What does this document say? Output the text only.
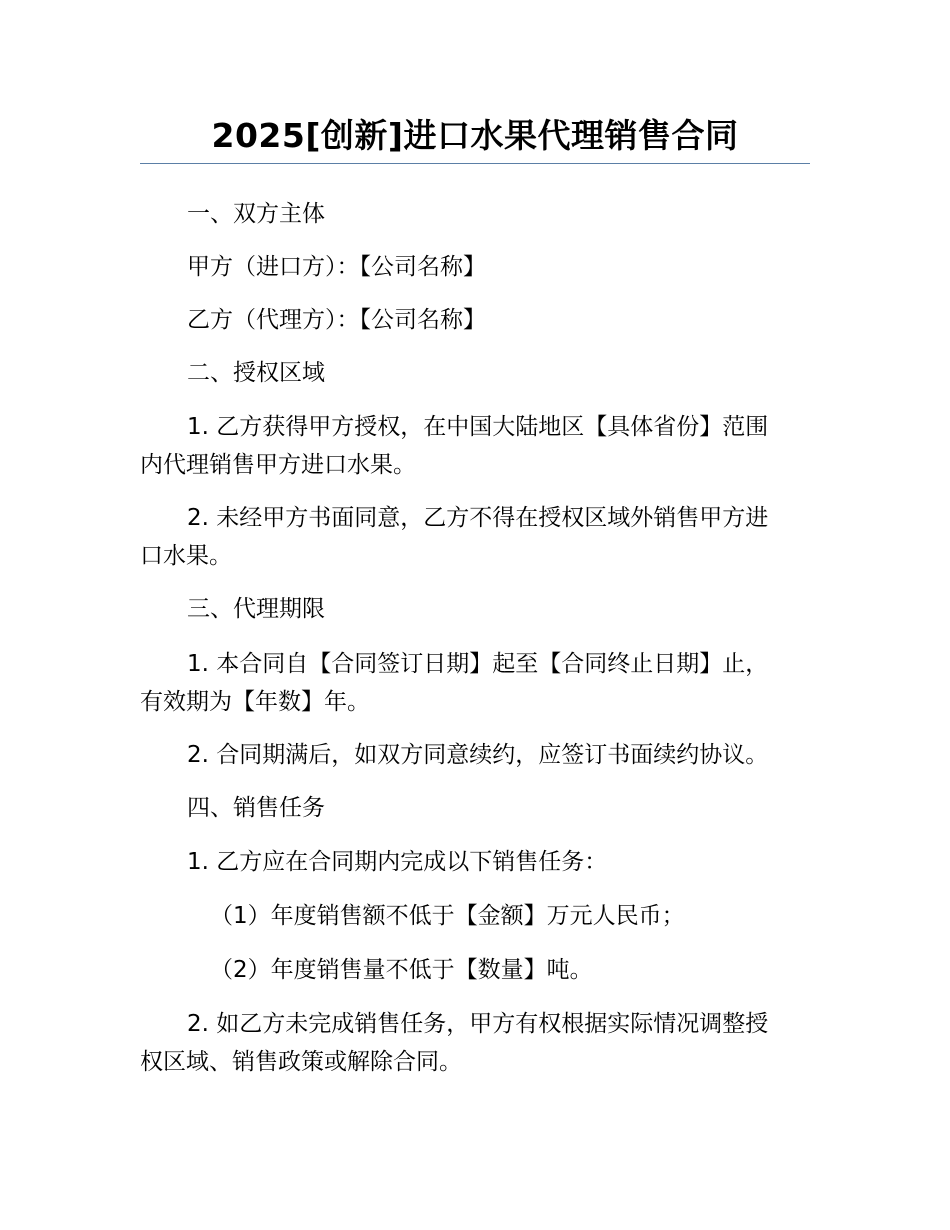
2025[创新]进口水果代理销售合同

一、双方主体

甲方（进口方）：【公司名称】

乙方（代理方）：【公司名称】

二、授权区域

1. 乙方获得甲方授权，在中国大陆地区【具体省份】范围
内代理销售甲方进口水果。
2. 未经甲方书面同意，乙方不得在授权区域外销售甲方进
口水果。

三、代理期限

1. 本合同自【合同签订日期】起至【合同终止日期】止，
有效期为【年数】年。

2. 合同期满后，如双方同意续约，应签订书面续约协议。

四、销售任务

1. 乙方应在合同期内完成以下销售任务：

（1）年度销售额不低于【金额】万元人民币；

（2）年度销售量不低于【数量】吨。

2. 如乙方未完成销售任务，甲方有权根据实际情况调整授
权区域、销售政策或解除合同。
